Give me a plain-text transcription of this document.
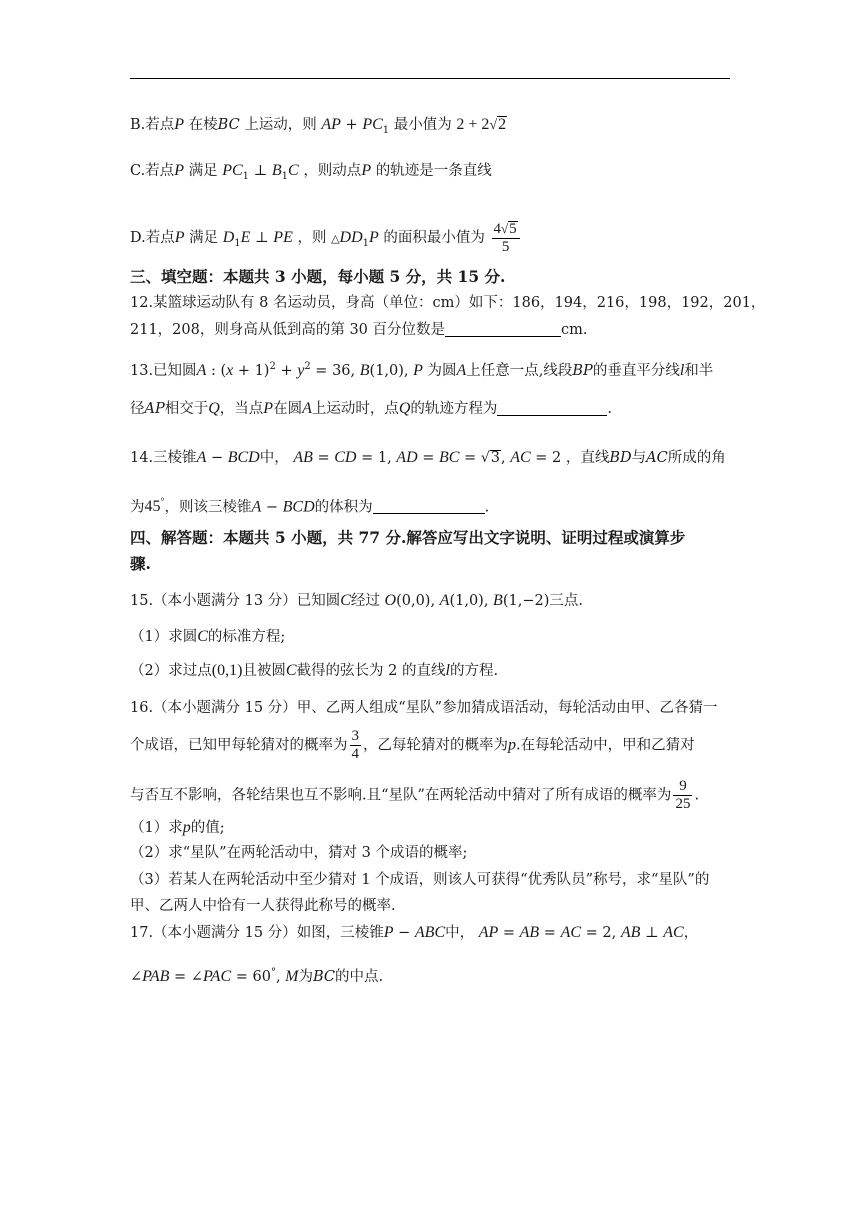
B.若点P 在棱BC 上运动，则 AP + $PC_1$ 最小值为 2 + 2√2
C.若点P 满足 $PC_1$ ⊥ $B_1C$ ，则动点P 的轨迹是一条直线
D.若点P 满足 $D_1E$ ⊥ PE ，则 $\triangle DD_1P$ 的面积最小值为 $\frac{4√5}{5}$
三、填空题：本题共 3 小题，每小题 5 分，共 15 分.
12.某篮球运动队有 8 名运动员，身高（单位：cm）如下：186，194，216，198，192，201，
211，208，则身高从低到高的第 30 百分位数是	cm.
13.已知圆A : $(x + 1)^2 + y^2 = 36$, B(1,0), P 为圆A上任意一点,线段BP的垂直平分线l和半
径AP相交于Q，当点P在圆A上运动时，点Q的轨迹方程为	.
14.三棱锥A − BCD中， AB = CD = 1, AD = BC = √3, AC = 2 ，直线BD与AC所成的角
为45°，则该三棱锥A − BCD的体积为	.
四、解答题：本题共 5 小题，共 77 分.解答应写出文字说明、证明过程或演算步
骤.
15.（本小题满分 13 分）已知圆C经过 O(0,0), A(1,0), B(1,−2)三点.
（1）求圆C的标准方程;
（2）求过点(0,1)且被圆C截得的弦长为 2 的直线l的方程.
16.（本小题满分 15 分）甲、乙两人组成“星队”参加猜成语活动，每轮活动由甲、乙各猜一
个成语，已知甲每轮猜对的概率为 $\frac{3}{4}$ ，乙每轮猜对的概率为p.在每轮活动中，甲和乙猜对
与否互不影响，各轮结果也互不影响.且“星队”在两轮活动中猜对了所有成语的概率为 $\frac{9}{25}$ .
（1）求p的值;
（2）求“星队”在两轮活动中，猜对 3 个成语的概率;
（3）若某人在两轮活动中至少猜对 1 个成语，则该人可获得“优秀队员”称号，求“星队”的
甲、乙两人中恰有一人获得此称号的概率.
17.（本小题满分 15 分）如图，三棱锥P − ABC中， AP = AB = AC = 2, AB ⊥ AC，
∠PAB = ∠PAC = 60°, M为BC的中点.
